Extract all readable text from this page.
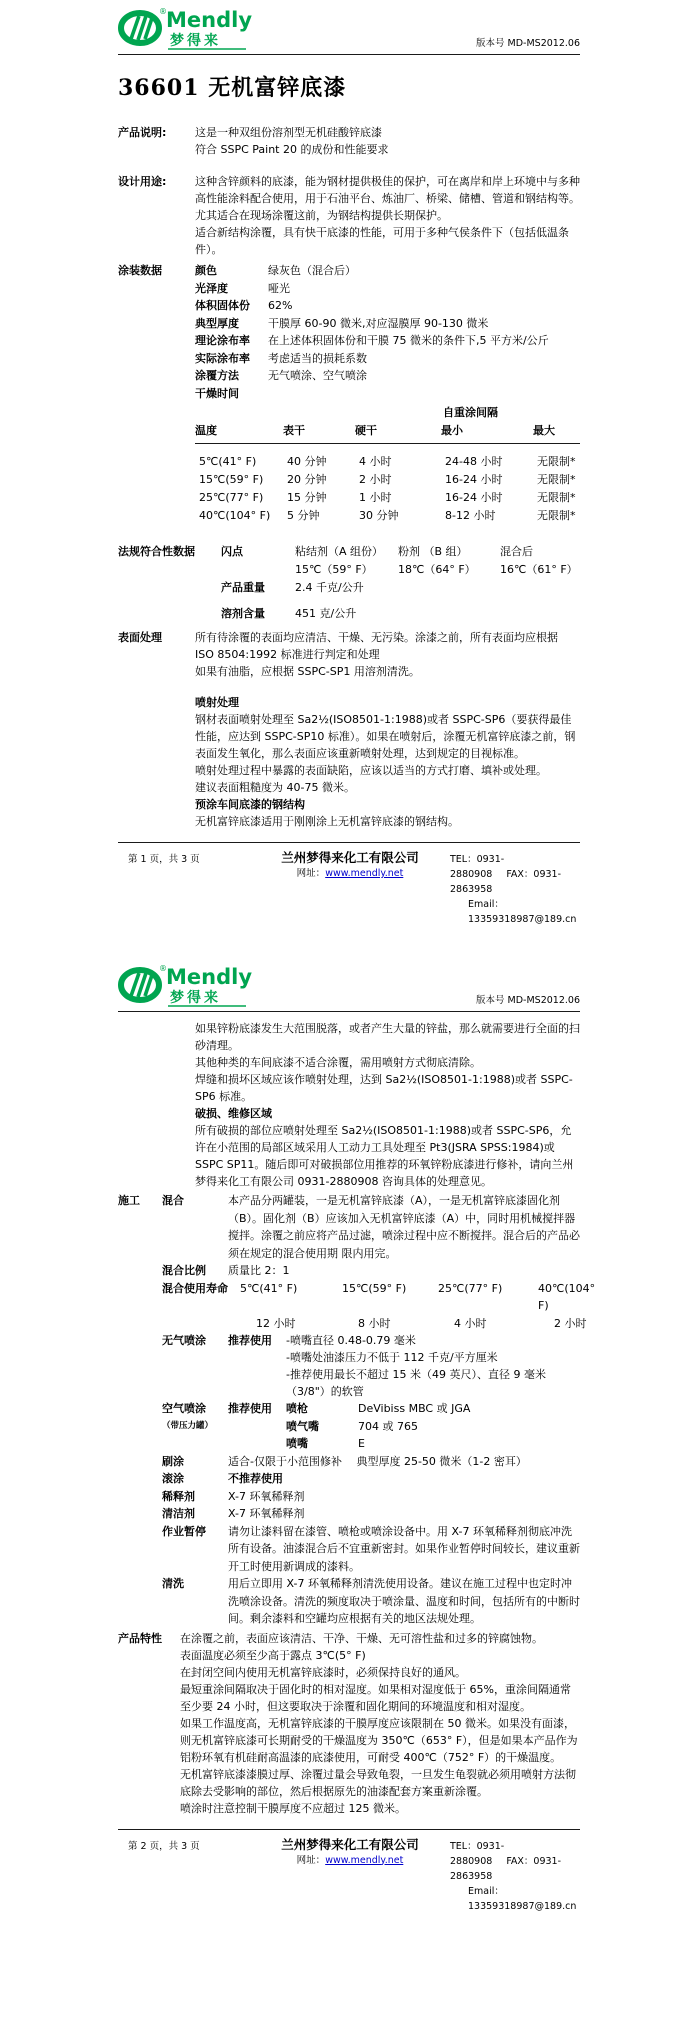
® Mendly
梦得来	版本号 MD-MS2012.06
36601 无机富锌底漆
产品说明:	这是一种双组份溶剂型无机硅酸锌底漆

符合 SSPC Paint 20 的成份和性能要求

设计用途:	这种含锌颜料的底漆，能为钢材提供极佳的保护，可在离岸和岸上环境中与多种高性能涂料配合使用，用于石油平台、炼油厂、桥梁、储槽、管道和钢结构等。

尤其适合在现场涂覆这前，为钢结构提供长期保护。

适合新结构涂覆，具有快干底漆的性能，可用于多种气侯条件下（包括低温条件）。

涂装数据	颜色	绿灰色（混合后）
光泽度	哑光
体积固体份	62%
典型厚度	干膜厚 60-90 微米,对应湿膜厚 90-130 微米
理论涂布率	在上述体积固体份和干膜 75 微米的条件下,5 平方米/公斤
实际涂布率	考虑适当的损耗系数
涂覆方法	无气喷涂、空气喷涂
干燥时间
自重涂间隔
温度	表干	硬干	最小	最大
5℃(41° F)	40 分钟	4 小时	24-48 小时	无限制*
15℃(59° F)	20 分钟	2 小时	16-24 小时	无限制*
25℃(77° F)	15 分钟	1 小时	16-24 小时	无限制*
40℃(104° F)	5 分钟	30 分钟	8-12 小时	无限制*
法规符合性数据	闪点	粘结剂（A 组份）	粉剂 （B 组）	混合后
15℃（59° F）	18℃（64° F）	16℃（61° F）
产品重量	2.4 千克/公升
溶剂含量	451 克/公升
表面处理	所有待涂覆的表面均应清洁、干燥、无污染。涂漆之前，所有表面均应根据 ISO 8504:1992 标准进行判定和处理

如果有油脂，应根据 SSPC-SP1 用溶剂清洗。

喷射处理

钢材表面喷射处理至 Sa2½(ISO8501-1:1988)或者 SSPC-SP6（要获得最佳性能，应达到 SSPC-SP10 标准）。如果在喷射后，涂覆无机富锌底漆之前，钢表面发生氧化，那么表面应该重新喷射处理，达到规定的目视标准。

喷射处理过程中暴露的表面缺陷，应该以适当的方式打磨、填补或处理。

建议表面粗糙度为 40-75 微米。

预涂车间底漆的钢结构

无机富锌底漆适用于刚刚涂上无机富锌底漆的钢结构。

第 1 页，共 3 页	兰州梦得来化工有限公司
网址：www.mendly.net
TEL：0931-2880908 FAX：0931-2863958
Email：13359318987@189.cn
® Mendly
梦得来	版本号 MD-MS2012.06

如果锌粉底漆发生大范围脱落，或者产生大量的锌盐，那么就需要进行全面的扫砂清理。

其他种类的车间底漆不适合涂覆，需用喷射方式彻底清除。

焊缝和损坏区域应该作喷射处理，达到 Sa2½(ISO8501-1:1988)或者 SSPC-SP6 标准。

破损、维修区域

所有破损的部位应喷射处理至 Sa2½(ISO8501-1:1988)或者 SSPC-SP6，允许在小范围的局部区域采用人工动力工具处理至 Pt3(JSRA SPSS:1984)或 SSPC SP11。随后即可对破损部位用推荐的环氧锌粉底漆进行修补，请向兰州梦得来化工有限公司 0931-2880908 咨询具体的处理意见。

施工	混合	本产品分两罐装，一是无机富锌底漆（A），一是无机富锌底漆固化剂（B）。固化剂（B）应该加入无机富锌底漆（A）中，同时用机械搅拌器搅拌。涂覆之前应将产品过滤，喷涂过程中应不断搅拌。混合后的产品必须在规定的混合使用期 限内用完。
混合比例	质量比 2：1
混合使用寿命	5℃(41° F)	15℃(59° F)	25℃(77° F)	40℃(104° F)
12 小时	8 小时	4 小时	2 小时
无气喷涂	推荐使用	-喷嘴直径 0.48-0.79 毫米

-喷嘴处油漆压力不低于 112 千克/平方厘米

-推荐使用最长不超过 15 米（49 英尺）、直径 9 毫米（3/8"）的软管

空气喷涂
（带压力罐）
推荐使用	喷枪	DeVibiss MBC 或 JGA
喷气嘴	704 或 765
喷嘴	E
刷涂	适合-仅限于小范围修补　 典型厚度 25-50 微米（1-2 密耳）
滚涂	不推荐使用
稀释剂	X-7 环氧稀释剂
清洁剂	X-7 环氧稀释剂
作业暂停	请勿让漆料留在漆管、喷枪或喷涂设备中。用 X-7 环氧稀释剂彻底冲洗所有设备。油漆混合后不宜重新密封。如果作业暂停时间较长，建议重新开工时使用新调成的漆料。
清洗	用后立即用 X-7 环氧稀释剂清洗使用设备。建议在施工过程中也定时冲洗喷涂设备。清洗的频度取决于喷涂量、温度和时间，包括所有的中断时间。剩余漆料和空罐均应根据有关的地区法规处理。
产品特性	在涂覆之前，表面应该清洁、干净、干燥、无可溶性盐和过多的锌腐蚀物。

表面温度必须至少高于露点 3℃(5° F)

在封闭空间内使用无机富锌底漆时，必须保持良好的通风。

最短重涂间隔取决于固化时的相对湿度。如果相对湿度低于 65%，重涂间隔通常至少要 24 小时，但这要取决于涂覆和固化期间的环境温度和相对湿度。

如果工作温度高，无机富锌底漆的干膜厚度应该限制在 50 微米。如果没有面漆，则无机富锌底漆可长期耐受的干燥温度为 350℃（653° F），但是如果本产品作为铝粉环氧有机硅耐高温漆的底漆使用，可耐受 400℃（752° F）的干燥温度。

无机富锌底漆漆膜过厚、涂覆过量会导致龟裂，一旦发生龟裂就必须用喷射方法彻底除去受影响的部位，然后根据原先的油漆配套方案重新涂覆。

喷涂时注意控制干膜厚度不应超过 125 微米。

第 2 页，共 3 页	兰州梦得来化工有限公司
网址：www.mendly.net
TEL：0931-2880908 FAX：0931-2863958
Email：13359318987@189.cn
